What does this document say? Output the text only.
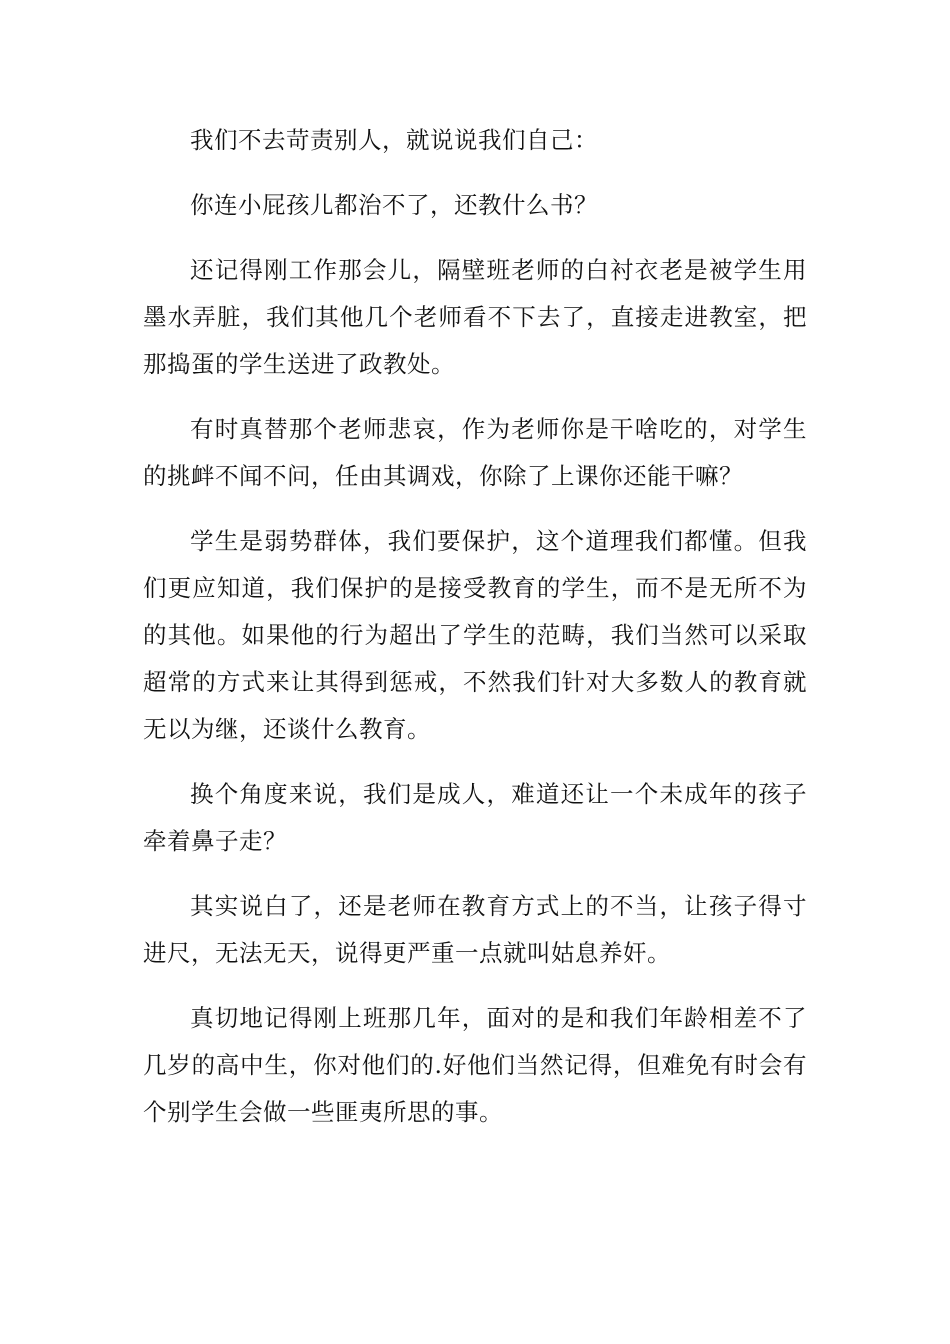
我们不去苛责别人，就说说我们自己：

你连小屁孩儿都治不了，还教什么书？

还记得刚工作那会儿，隔壁班老师的白衬衣老是被学生用墨水弄脏，我们其他几个老师看不下去了，直接走进教室，把那捣蛋的学生送进了政教处。

有时真替那个老师悲哀，作为老师你是干啥吃的，对学生的挑衅不闻不问，任由其调戏，你除了上课你还能干嘛？

学生是弱势群体，我们要保护，这个道理我们都懂。但我们更应知道，我们保护的是接受教育的学生，而不是无所不为的其他。如果他的行为超出了学生的范畴，我们当然可以采取超常的方式来让其得到惩戒，不然我们针对大多数人的教育就无以为继，还谈什么教育。

换个角度来说，我们是成人，难道还让一个未成年的孩子牵着鼻子走？

其实说白了，还是老师在教育方式上的不当，让孩子得寸进尺，无法无天，说得更严重一点就叫姑息养奸。

真切地记得刚上班那几年，面对的是和我们年龄相差不了几岁的高中生，你对他们的.好他们当然记得，但难免有时会有个别学生会做一些匪夷所思的事。
